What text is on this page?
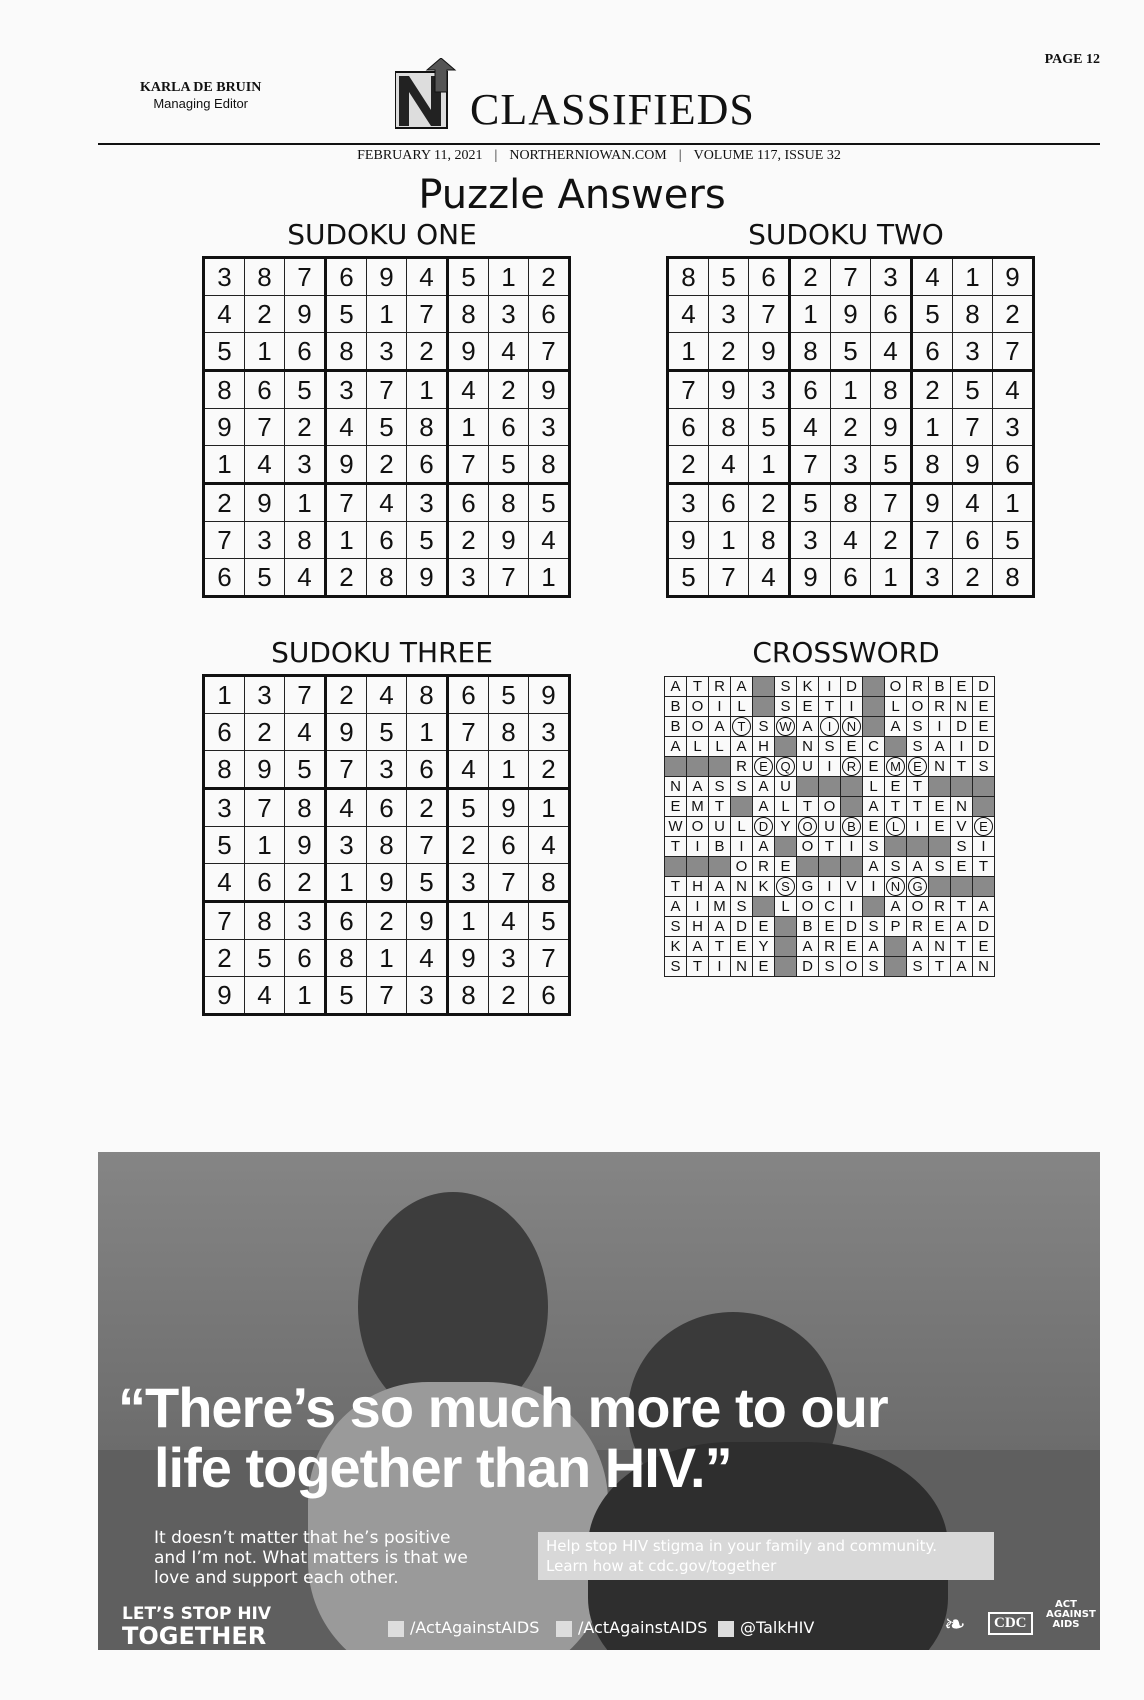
PAGE 12
KARLA DE BRUIN
Managing Editor	CLASSIFIEDS
FEBRUARY 11, 2021 | NORTHERNIOWAN.COM | VOLUME 117, ISSUE 32
Puzzle Answers
SUDOKU ONE
3	8	7	6	9	4	5	1	2
4	2	9	5	1	7	8	3	6
5	1	6	8	3	2	9	4	7
8	6	5	3	7	1	4	2	9
9	7	2	4	5	8	1	6	3
1	4	3	9	2	6	7	5	8
2	9	1	7	4	3	6	8	5
7	3	8	1	6	5	2	9	4
6	5	4	2	8	9	3	7	1
SUDOKU TWO
8	5	6	2	7	3	4	1	9
4	3	7	1	9	6	5	8	2
1	2	9	8	5	4	6	3	7
7	9	3	6	1	8	2	5	4
6	8	5	4	2	9	1	7	3
2	4	1	7	3	5	8	9	6
3	6	2	5	8	7	9	4	1
9	1	8	3	4	2	7	6	5
5	7	4	9	6	1	3	2	8
SUDOKU THREE
1	3	7	2	4	8	6	5	9
6	2	4	9	5	1	7	8	3
8	9	5	7	3	6	4	1	2
3	7	8	4	6	2	5	9	1
5	1	9	3	8	7	2	6	4
4	6	2	1	9	5	3	7	8
7	8	3	6	2	9	1	4	5
2	5	6	8	1	4	9	3	7
9	4	1	5	7	3	8	2	6
CROSSWORD
A	T	R	A		S	K	I	D		O	R	B	E	D
B	O	I	L		S	E	T	I		L	O	R	N	E
B	O	A	T	S	W	A	I	N		A	S	I	D	E
A	L	L	A	H		N	S	E	C		S	A	I	D
			R	E	Q	U	I	R	E	M	E	N	T	S
N	A	S	S	A	U				L	E	T			
E	M	T		A	L	T	O		A	T	T	E	N	
W	O	U	L	D	Y	O	U	B	E	L	I	E	V	E
T	I	B	I	A		O	T	I	S				S	I
			O	R	E				A	S	A	S	E	T
T	H	A	N	K	S	G	I	V	I	N	G			
A	I	M	S		L	O	C	I		A	O	R	T	A
S	H	A	D	E		B	E	D	S	P	R	E	A	D
K	A	T	E	Y		A	R	E	A		A	N	T	E
S	T	I	N	E		D	S	O	S		S	T	A	N
“There’s so much more to our
life together than HIV.”
It doesn’t matter that he’s positive and I’m not. What matters is that we love and support each other.
Help stop HIV stigma in your family and community.
Learn how at cdc.gov/together
LET’S STOP HIV
TOGETHER	/ActAgainstAIDS	/ActAgainstAIDS	@TalkHIV	❧	CDC
ACT AGAINST AIDS
